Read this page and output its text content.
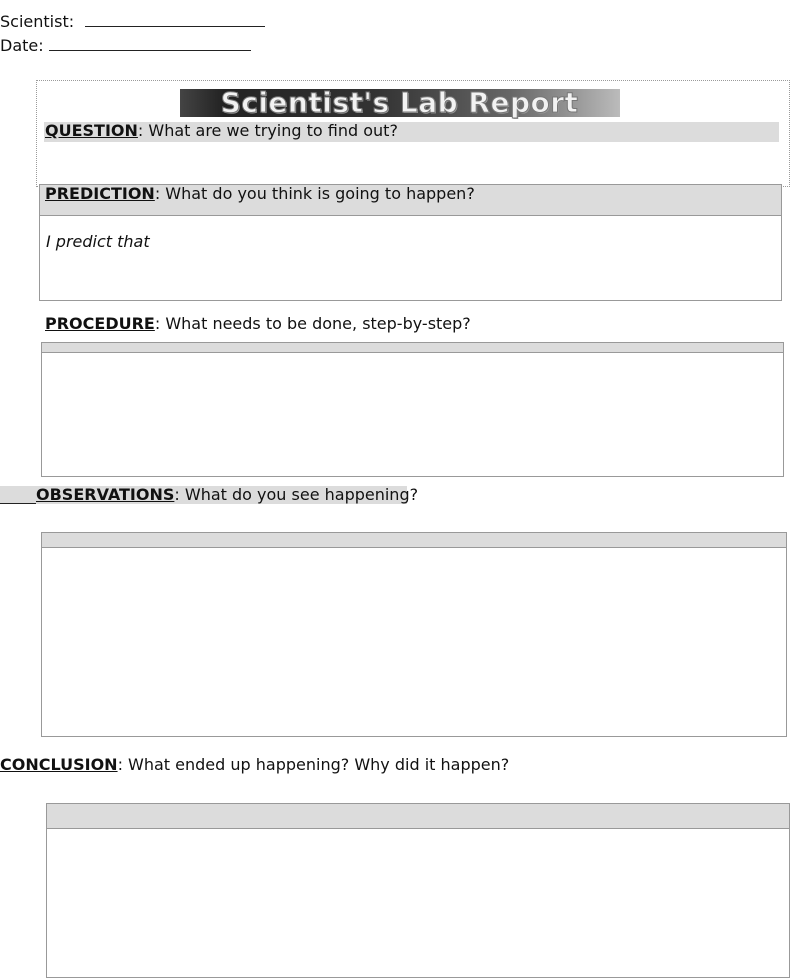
Scientist:
Date:
Scientist's Lab Report
QUESTION: What are we trying to find out?
PREDICTION: What do you think is going to happen?
I predict that
PROCEDURE: What needs to be done, step-by-step?
OBSERVATIONS: What do you see happening?
CONCLUSION: What ended up happening? Why did it happen?
